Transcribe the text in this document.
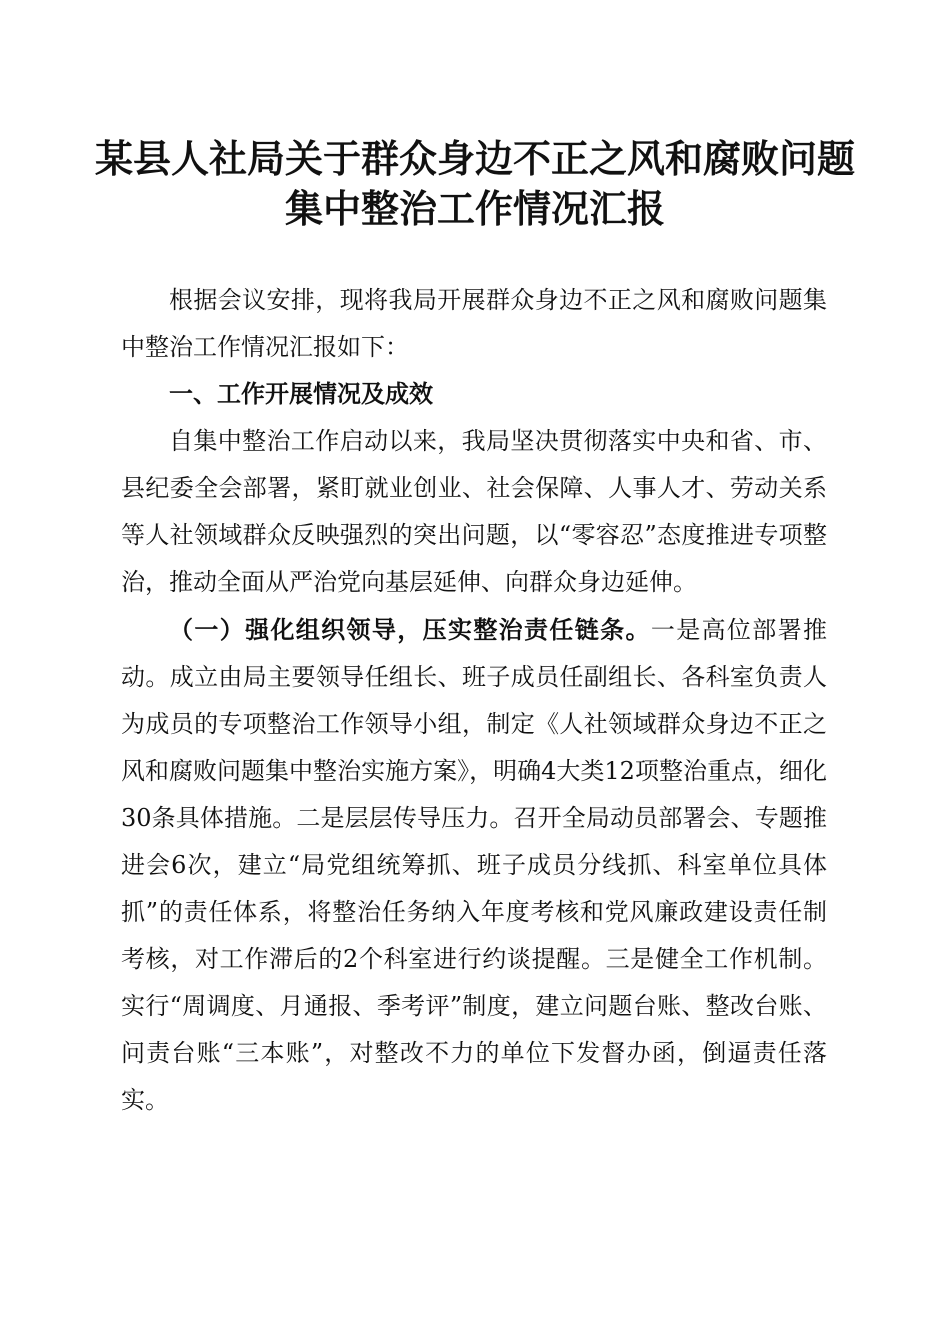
某县人社局关于群众身边不正之风和腐败问题
集中整治工作情况汇报

根据会议安排，现将我局开展群众身边不正之风和腐败问题集中整治工作情况汇报如下：

一、工作开展情况及成效

自集中整治工作启动以来，我局坚决贯彻落实中央和省、市、县纪委全会部署，紧盯就业创业、社会保障、人事人才、劳动关系等人社领域群众反映强烈的突出问题，以“零容忍”态度推进专项整治，推动全面从严治党向基层延伸、向群众身边延伸。

（一）强化组织领导，压实整治责任链条。一是高位部署推动。成立由局主要领导任组长、班子成员任副组长、各科室负责人为成员的专项整治工作领导小组，制定《人社领域群众身边不正之风和腐败问题集中整治实施方案》，明确4大类12项整治重点，细化30条具体措施。二是层层传导压力。召开全局动员部署会、专题推进会6次，建立“局党组统筹抓、班子成员分线抓、科室单位具体抓”的责任体系，将整治任务纳入年度考核和党风廉政建设责任制考核，对工作滞后的2个科室进行约谈提醒。三是健全工作机制。实行“周调度、月通报、季考评”制度，建立问题台账、整改台账、问责台账“三本账”，对整改不力的单位下发督办函，倒逼责任落实。
